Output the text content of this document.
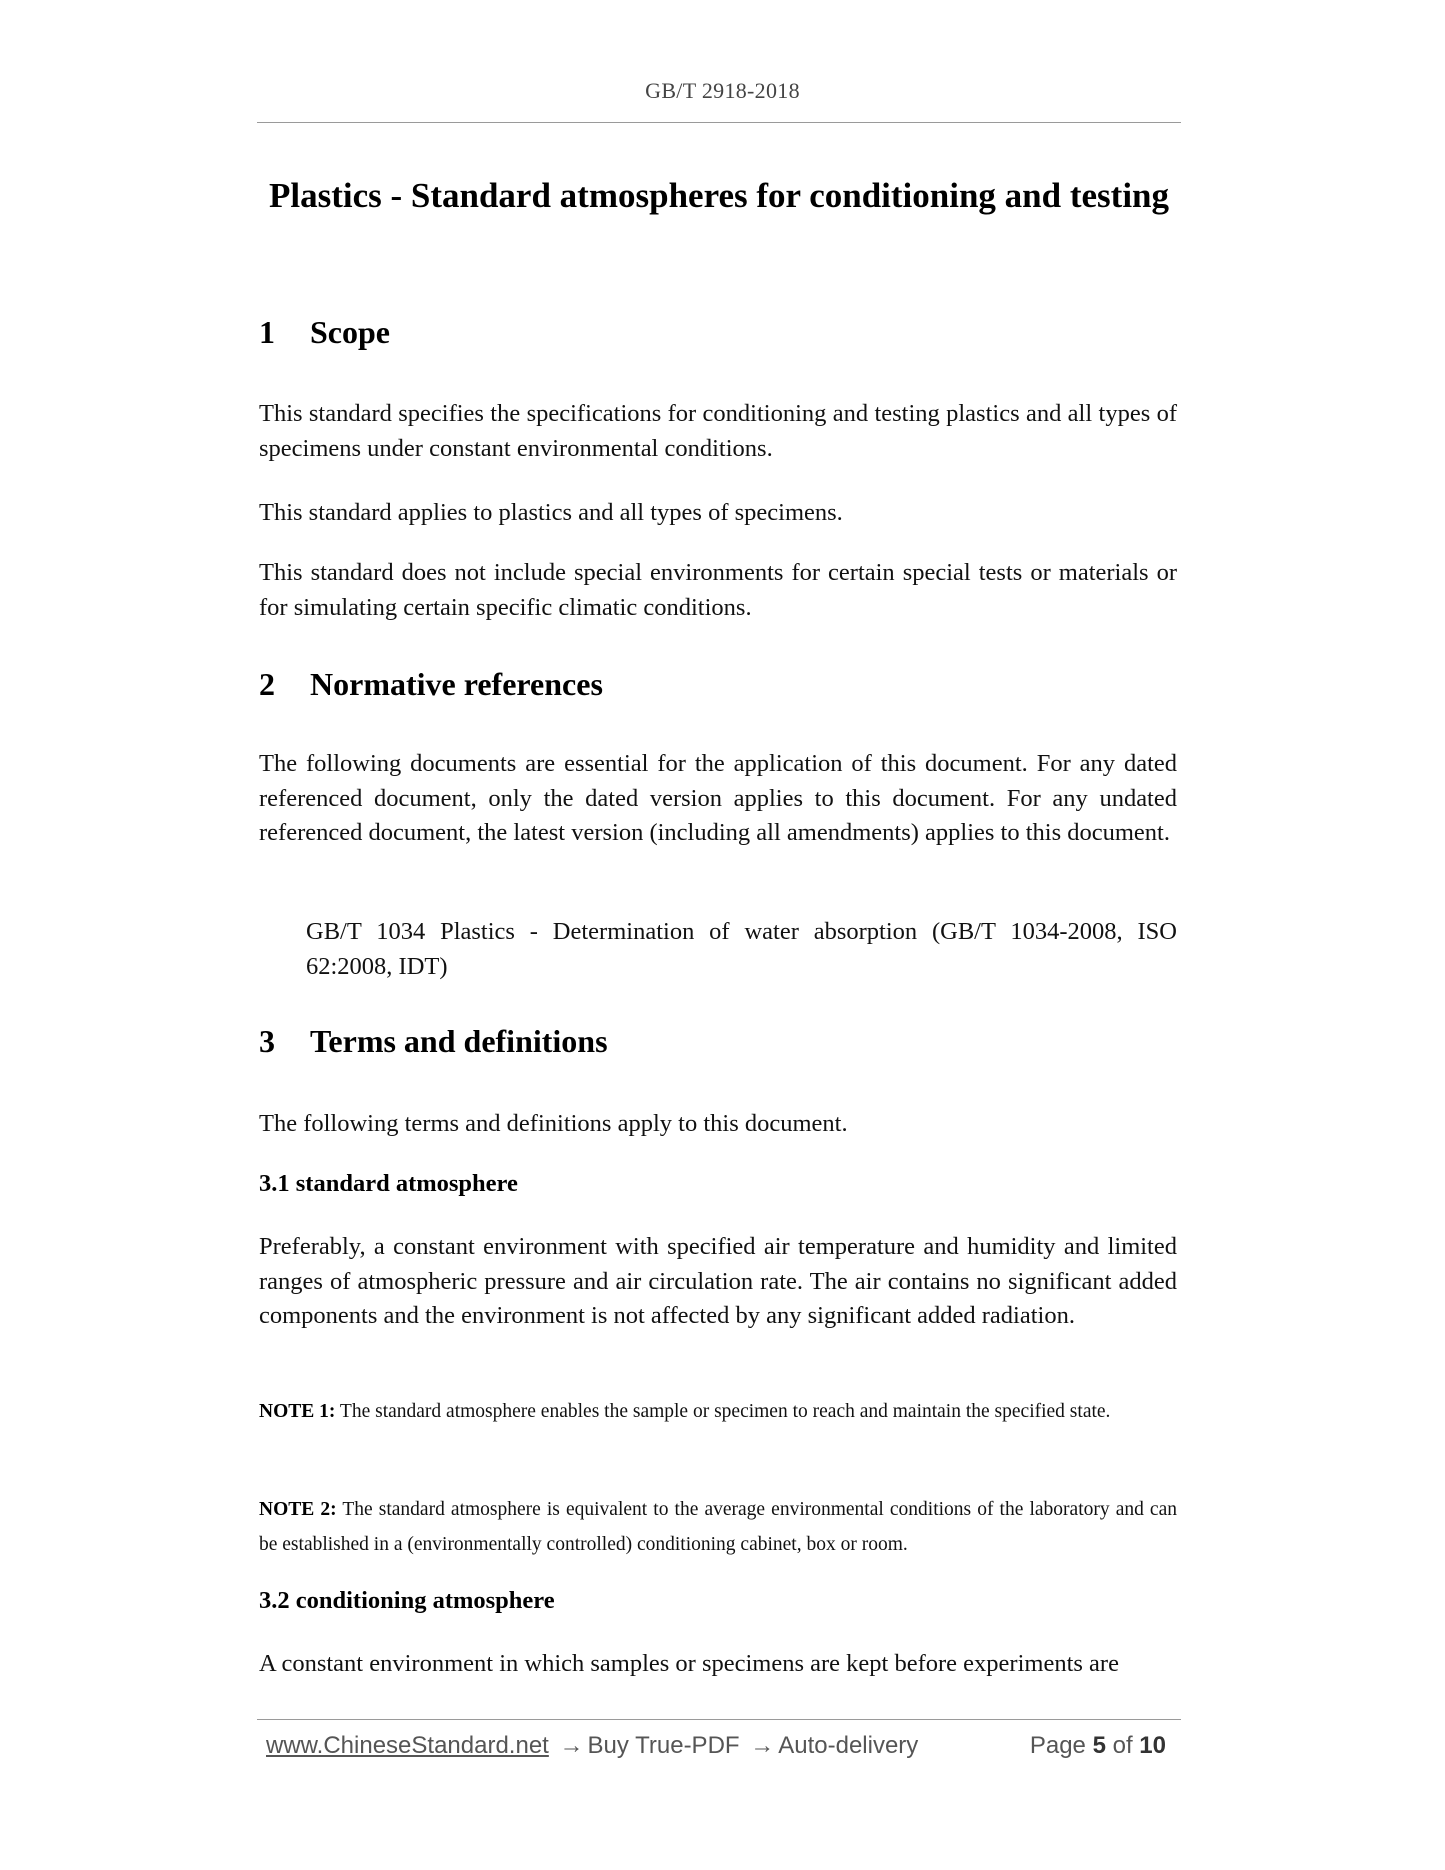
GB/T 2918-2018
Plastics - Standard atmospheres for conditioning and testing
1 Scope

This standard specifies the specifications for conditioning and testing plastics and all types of specimens under constant environmental conditions.

This standard applies to plastics and all types of specimens.

This standard does not include special environments for certain special tests or materials or for simulating certain specific climatic conditions.

2 Normative references

The following documents are essential for the application of this document. For any dated referenced document, only the dated version applies to this document. For any undated referenced document, the latest version (including all amendments) applies to this document.

GB/T 1034 Plastics - Determination of water absorption (GB/T 1034-2008, ISO 62:2008, IDT)

3 Terms and definitions

The following terms and definitions apply to this document.

3.1 standard atmosphere

Preferably, a constant environment with specified air temperature and humidity and limited ranges of atmospheric pressure and air circulation rate. The air contains no significant added components and the environment is not affected by any significant added radiation.

NOTE 1: The standard atmosphere enables the sample or specimen to reach and maintain the specified state.

NOTE 2: The standard atmosphere is equivalent to the average environmental conditions of the laboratory and can be established in a (environmentally controlled) conditioning cabinet, box or room.

3.2 conditioning atmosphere

A constant environment in which samples or specimens are kept before experiments are

www.ChineseStandard.net → Buy True-PDF → Auto-delivery	Page 5 of 10
